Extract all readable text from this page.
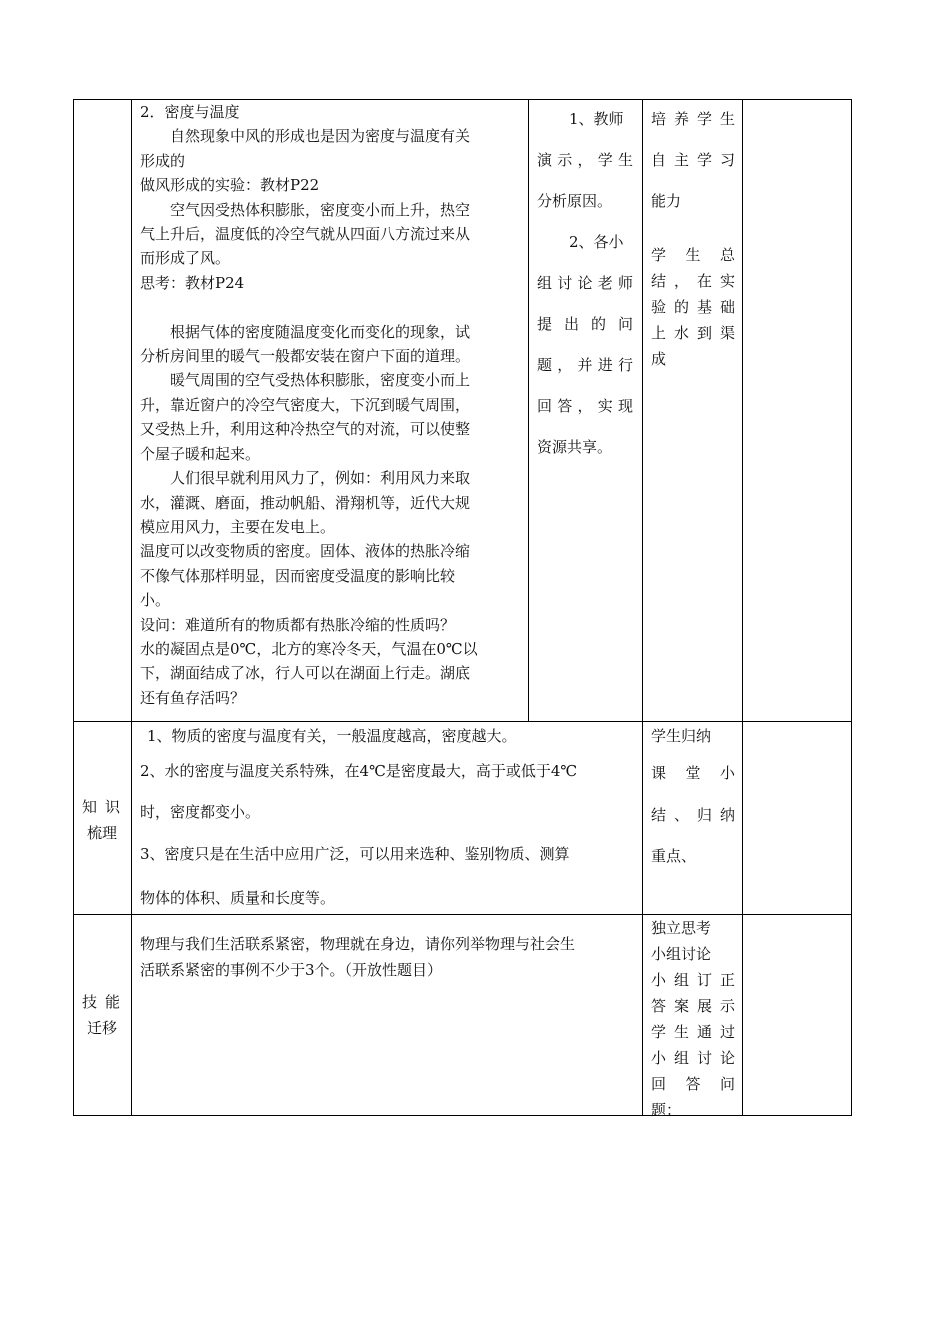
2．密度与温度

自然现象中风的形成也是因为密度与温度有关

形成的

做风形成的实验：教材P22

空气因受热体积膨胀，密度变小而上升，热空

气上升后，温度低的冷空气就从四面八方流过来从

而形成了风。

思考：教材P24

根据气体的密度随温度变化而变化的现象，试

分析房间里的暖气一般都安装在窗户下面的道理。

暖气周围的空气受热体积膨胀，密度变小而上

升，靠近窗户的冷空气密度大，下沉到暖气周围，

又受热上升，利用这种冷热空气的对流，可以使整

个屋子暖和起来。

人们很早就利用风力了，例如：利用风力来取

水，灌溉、磨面，推动帆船、滑翔机等，近代大规

模应用风力，主要在发电上。

温度可以改变物质的密度。固体、液体的热胀冷缩

不像气体那样明显，因而密度受温度的影响比较

小。

设问：难道所有的物质都有热胀冷缩的性质吗？

水的凝固点是0℃，北方的寒冷冬天，气温在0℃以

下，湖面结成了冰，行人可以在湖面上行走。湖底

还有鱼存活吗？

1、教师

演 示 ， 学 生

分析原因。

2、各小

组 讨 论 老 师

提 出 的 问

题 ， 并 进 行

回 答 ， 实 现

资源共享。

培 养 学 生

自 主 学 习

能力

学 生 总

结 ， 在 实

验 的 基 础

上 水 到 渠

成

知识
梳理

1、物质的密度与温度有关，一般温度越高，密度越大。

2、水的密度与温度关系特殊，在4℃是密度最大，高于或低于4℃

时，密度都变小。

3、密度只是在生活中应用广泛，可以用来选种、鉴别物质、测算

物体的体积、质量和长度等。

学生归纳

课 堂 小

结 、 归 纳

重点、

技能
迁移

物理与我们生活联系紧密，物理就在身边，请你列举物理与社会生

活联系紧密的事例不少于3个。（开放性题目）

独立思考

小组讨论

小 组 订 正

答 案 展 示

学 生 通 过

小 组 讨 论

回 答 问

题：
